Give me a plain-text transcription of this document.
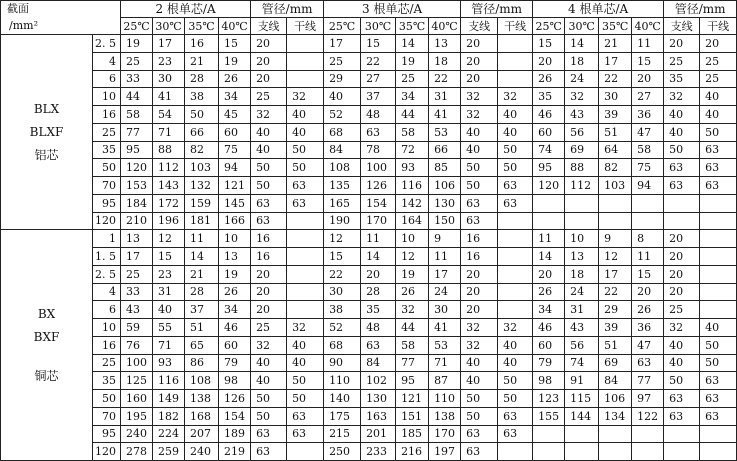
截面
/mm²		2 根单芯/A				管径/mm		3 根单芯/A				管径/mm		4 根单芯/A				管径/mm	
		25℃	30℃	35℃	40℃	支线	干线	25℃	30℃	35℃	40℃	支线	干线	25℃	30℃	35℃	40℃	支线	干线

BLX
BLXF
铝芯	2. 5	19	17	16	15	20		17	15	14	13	20		15	14	21	11	20	20
	4	25	23	21	19	20		25	22	19	18	20		20	18	17	15	25	25
	6	33	30	28	26	20		29	27	25	22	20		26	24	22	20	35	25
	10	44	41	38	34	25	32	40	37	34	31	32	32	35	32	30	27	32	40
	16	58	54	50	45	32	40	52	48	44	41	32	40	46	43	39	36	40	40
	25	77	71	66	60	40	40	68	63	58	53	40	40	60	56	51	47	40	50
	35	95	88	82	75	40	50	84	78	72	66	40	50	74	69	64	58	50	63
	50	120	112	103	94	50	50	108	100	93	85	50	50	95	88	82	75	63	63
	70	153	143	132	121	50	63	135	126	116	106	50	63	120	112	103	94	63	63
	95	184	172	159	145	63	63	165	154	142	130	63	63						
	120	210	196	181	166	63		190	170	164	150	63							

BX
BXF
铜芯	1	13	12	11	10	16		12	11	10	9	16		11	10	9	8	20	
	1. 5	17	15	14	13	16		15	14	12	11	16		14	13	12	11	20	
	2. 5	25	23	21	19	20		22	20	19	17	20		20	18	17	15	20	
	4	33	31	28	26	20		30	28	26	24	20		26	24	22	20	20	
	6	43	40	37	34	20		38	35	32	30	20		34	31	29	26	25	
	10	59	55	51	46	25	32	52	48	44	41	32	32	46	43	39	36	32	40
	16	76	71	65	60	32	40	68	63	58	53	32	40	60	56	51	47	40	50
	25	100	93	86	79	40	40	90	84	77	71	40	40	79	74	69	63	40	50
	35	125	116	108	98	40	50	110	102	95	87	40	50	98	91	84	77	50	63
	50	160	149	138	126	50	50	140	130	121	110	50	50	123	115	106	97	63	63
	70	195	182	168	154	50	63	175	163	151	138	50	63	155	144	134	122	63	63
	95	240	224	207	189	63	63	215	201	185	170	63	63						
	120	278	259	240	219	63		250	233	216	197	63							
